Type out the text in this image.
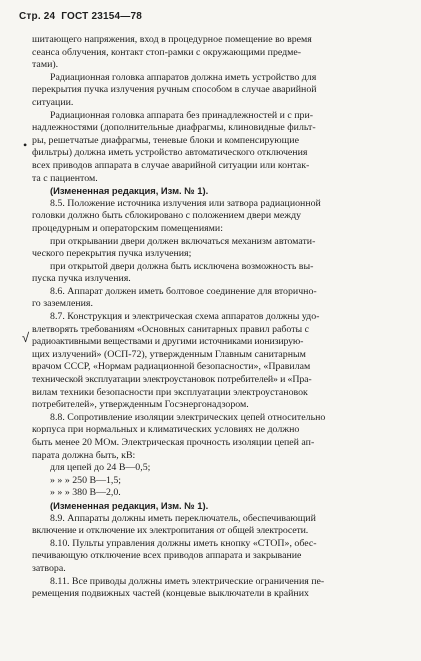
Стр. 24 ГОСТ 23154—78
•
√
шитающего напряжения, вход в процедурное помещение во время
сеанса облучения, контакт стоп-рамки с окружающими предме-
тами).
Радиационная головка аппаратов должна иметь устройство для
перекрытия пучка излучения ручным способом в случае аварийной
ситуации.
Радиационная головка аппарата без принадлежностей и с при-
надлежностями (дополнительные диафрагмы, клиновидные фильт-
ры, решетчатые диафрагмы, теневые блоки и компенсирующие
фильтры) должна иметь устройство автоматического отключения
всех приводов аппарата в случае аварийной ситуации или контак-
та с пациентом.
(Измененная редакция, Изм. № 1).
8.5. Положение источника излучения или затвора радиационной
головки должно быть сблокировано с положением двери между
процедурным и операторским помещениями:
при открывании двери должен включаться механизм автомати-
ческого перекрытия пучка излучения;
при открытой двери должна быть исключена возможность вы-
пуска пучка излучения.
8.6. Аппарат должен иметь болтовое соединение для вторично-
го заземления.
8.7. Конструкция и электрическая схема аппаратов должны удо-
влетворять требованиям «Основных санитарных правил работы с
радиоактивными веществами и другими источниками ионизирую-
щих излучений» (ОСП-72), утвержденным Главным санитарным
врачом СССР, «Нормам радиационной безопасности», «Правилам
технической эксплуатации электроустановок потребителей» и «Пра-
вилам техники безопасности при эксплуатации электроустановок
потребителей», утвержденным Госэнергонадзором.
8.8. Сопротивление изоляции электрических цепей относительно
корпуса при нормальных и климатических условиях не должно
быть менее 20 МОм. Электрическая прочность изоляции цепей ап-
парата должна быть, кВ:
для цепей до 24 В—0,5;
» » » 250 В—1,5;
» » » 380 В—2,0.
(Измененная редакция, Изм. № 1).
8.9. Аппараты должны иметь переключатель, обеспечивающий
включение и отключение их электропитания от общей электросети.
8.10. Пульты управления должны иметь кнопку «СТОП», обес-
печивающую отключение всех приводов аппарата и закрывание
затвора.
8.11. Все приводы должны иметь электрические ограничения пе-
ремещения подвижных частей (концевые выключатели в крайних
